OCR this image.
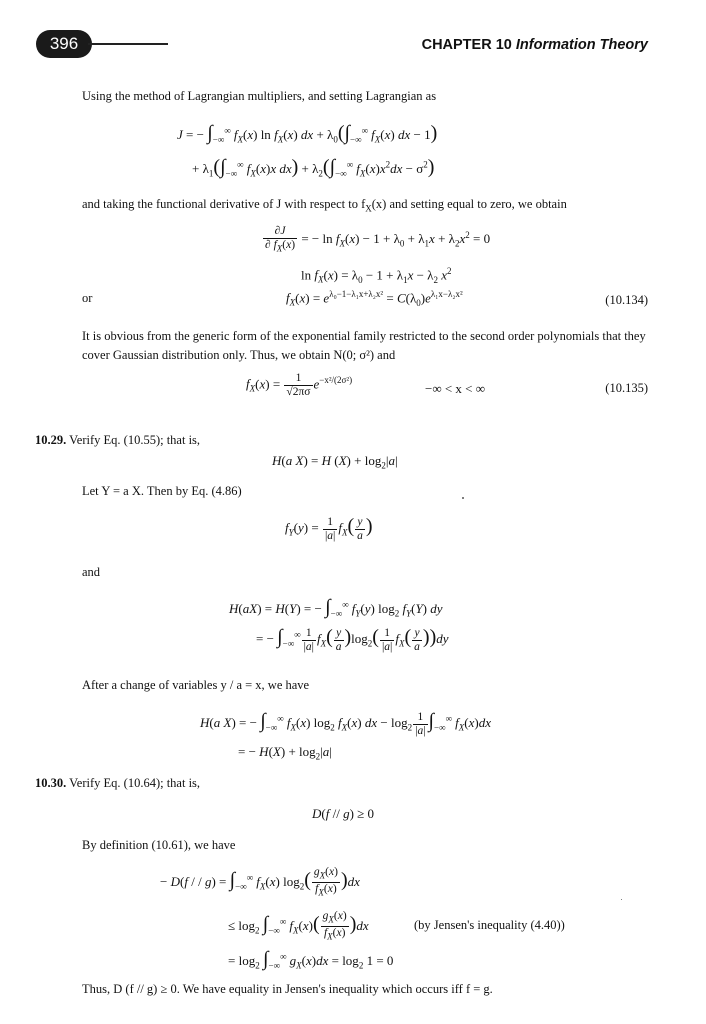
396	CHAPTER 10 Information Theory
Using the method of Lagrangian multipliers, and setting Lagrangian as
J = − $\int_{-\infty}^\infty$ $f_X(x)$ $\ln f_X(x)$ dx + $\lambda_0(\int_{-\infty}^\infty$ $f_X(x)$ dx − 1)
+ $\lambda_1(\int_{-\infty}^\infty$ $f_X(x)x$ $dx) + \lambda_2(\int_{-\infty}^\infty$ $f_X(x)x^2dx - \sigma^2$)
and taking the functional derivative of J with respect to $f_X(x)$ and setting equal to zero, we obtain
$\frac{\partial J}{\partial f_X(x)}$ = − $\ln f_X(x) - 1 + \lambda_0 + \lambda_1x + \lambda_2x^2 = 0$
$\ln f_X(x) = \lambda_0 - 1 + \lambda_1x - \lambda_2$ $x^2$
or	$f_X(x) = e^{\lambda_0-1-\lambda_1x+\lambda_2x^2} = C(\lambda_0)e^{\lambda_1x-\lambda_2x^2}$	(10.134)
It is obvious from the generic form of the exponential family restricted to the second order polynomials that they
cover Gaussian distribution only. Thus, we obtain N(0; σ²) and
$f_X(x) = \frac{1}{√2\pi\sigma} e^{-x^2/(2\sigma^2)}$
−∞ < x < ∞	(10.135)
10.29. Verify Eq. (10.55); that is,
H(a X) = H $(X) + \log_2|a|$
Let Y = a X. Then by Eq. (4.86)
$f_Y(y) = \frac{1}{|a|} f_X( \frac{y}{a}$ )
and
H(aX) = H(Y) = − $\int_{-\infty}^\infty$ $f_Y(y)$ $\log_2 f_Y(Y)$ dy
= − $\int_{-\infty}^\infty \frac{1}{|a|} f_X( \frac{y}{a} )\log_2( \frac{1}{|a|} f_X( \frac{y}{a} ))dy$
After a change of variables y / a = x, we have
H(a X) = − $\int_{-\infty}^\infty$ $f_X(x)$ $\log_2 f_X(x)$ dx − $\log_2 \frac{1}{|a|} \int_{-\infty}^\infty$ $f_X(x)dx$
= − $H(X) + \log_2|a|$
10.30. Verify Eq. (10.64); that is,
D(f // g) ≥ 0
By definition (10.61), we have
− D(f / / $g) = \int_{-\infty}^\infty$ $f_X(x)$ $\log_2( \frac{g_X(x)}{f_X(x)} )dx$
≤ $\log_2 \int_{-\infty}^\infty$ $f_X(x)( \frac{g_X(x)}{f_X(x)} )dx$	(by Jensen's inequality (4.40))
= $\log_2 \int_{-\infty}^\infty$ $g_X(x)dx = \log_2 1 = 0$
Thus, D (f // g) ≥ 0. We have equality in Jensen's inequality which occurs iff f = g.
